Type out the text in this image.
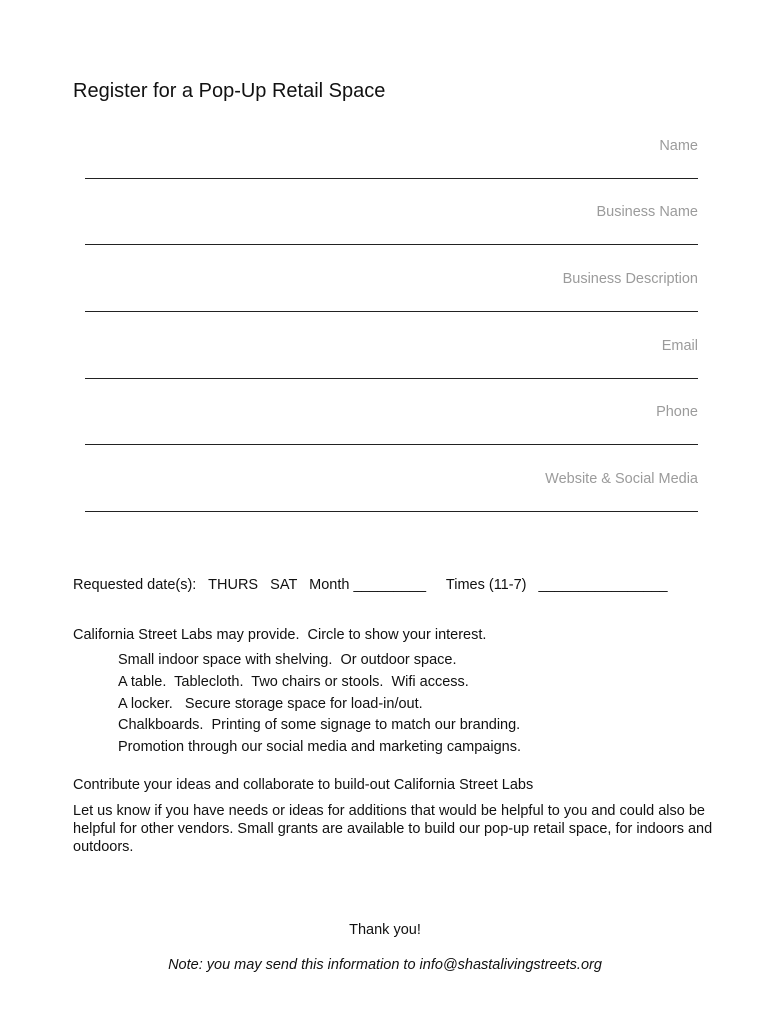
Register for a Pop-Up Retail Space
Name
Business Name
Business Description
Email
Phone
Website & Social Media
Requested date(s):   THURS   SAT   Month _________     Times (11-7)   ________________
California Street Labs may provide.  Circle to show your interest.
Small indoor space with shelving.  Or outdoor space.
A table.  Tablecloth.  Two chairs or stools.  Wifi access.
A locker.   Secure storage space for load-in/out.
Chalkboards.  Printing of some signage to match our branding.
Promotion through our social media and marketing campaigns.
Contribute your ideas and collaborate to build-out California Street Labs
Let us know if you have needs or ideas for additions that would be helpful to you and could also be helpful for other vendors. Small grants are available to build our pop-up retail space, for indoors and outdoors.
Thank you!
Note: you may send this information to info@shastalivingstreets.org
